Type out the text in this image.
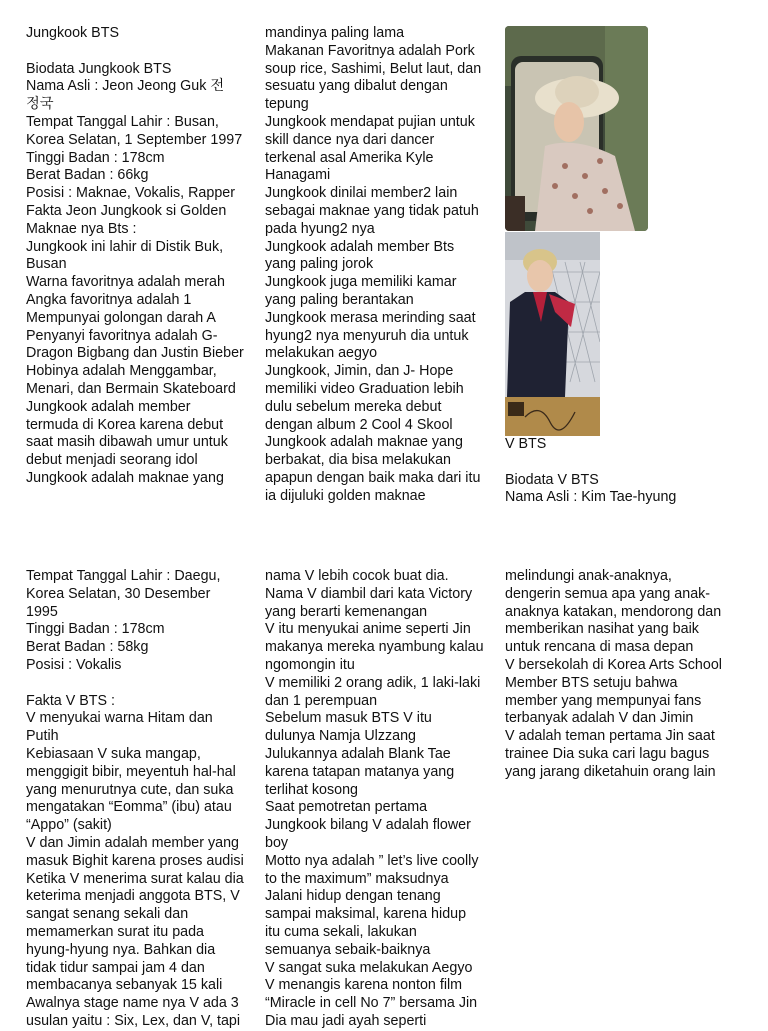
Jungkook BTS
Biodata Jungkook BTS
Nama Asli : Jeon Jeong Guk 전
정국
Tempat Tanggal Lahir : Busan,
Korea Selatan, 1 September 1997
Tinggi Badan : 178cm
Berat Badan : 66kg
Posisi : Maknae, Vokalis, Rapper
Fakta Jeon Jungkook si Golden
Maknae nya Bts :
Jungkook ini lahir di Distik Buk,
Busan
Warna favoritnya adalah merah
Angka favoritnya adalah 1
Mempunyai golongan darah A
Penyanyi favoritnya adalah G-
Dragon Bigbang dan Justin Bieber
Hobinya adalah Menggambar,
Menari, dan Bermain Skateboard
Jungkook adalah member
termuda di Korea karena debut
saat masih dibawah umur untuk
debut menjadi seorang idol
Jungkook adalah maknae yang
mandinya paling lama
Makanan Favoritnya adalah Pork
soup rice, Sashimi, Belut laut, dan
sesuatu yang dibalut dengan
tepung
Jungkook mendapat pujian untuk
skill dance nya dari dancer
terkenal asal Amerika Kyle
Hanagami
Jungkook dinilai member2 lain
sebagai maknae yang tidak patuh
pada hyung2 nya
Jungkook adalah member Bts
yang paling jorok
Jungkook juga memiliki kamar
yang paling berantakan
Jungkook merasa merinding saat
hyung2 nya menyuruh dia untuk
melakukan aegyo
Jungkook, Jimin, dan J- Hope
memiliki video Graduation lebih
dulu sebelum mereka debut
dengan album 2 Cool 4 Skool
Jungkook adalah maknae yang
berbakat, dia bisa melakukan
apapun dengan baik maka dari itu
ia dijuluki golden maknae
V BTS
Biodata V BTS
Nama Asli : Kim Tae-hyung
Tempat Tanggal Lahir : Daegu,
Korea Selatan, 30 Desember
1995
Tinggi Badan : 178cm
Berat Badan : 58kg
Posisi : Vokalis
Fakta V BTS :
V menyukai warna Hitam dan
Putih
Kebiasaan V suka mangap,
menggigit bibir, meyentuh hal-hal
yang menurutnya cute, dan suka
mengatakan “Eomma” (ibu) atau
“Appo” (sakit)
V dan Jimin adalah member yang
masuk Bighit karena proses audisi
Ketika V menerima surat kalau dia
keterima menjadi anggota BTS, V
sangat senang sekali dan
memamerkan surat itu pada
hyung-hyung nya. Bahkan dia
tidak tidur sampai jam 4 dan
membacanya sebanyak 15 kali
Awalnya stage name nya V ada 3
usulan yaitu : Six, Lex, dan V, tapi
nama V lebih cocok buat dia.
Nama V diambil dari kata Victory
yang berarti kemenangan
V itu menyukai anime seperti Jin
makanya mereka nyambung kalau
ngomongin itu
V memiliki 2 orang adik, 1 laki-laki
dan 1 perempuan
Sebelum masuk BTS V itu
dulunya Namja Ulzzang
Julukannya adalah Blank Tae
karena tatapan matanya yang
terlihat kosong
Saat pemotretan pertama
Jungkook bilang V adalah flower
boy
Motto nya adalah ” let’s live coolly
to the maximum” maksudnya
Jalani hidup dengan tenang
sampai maksimal, karena hidup
itu cuma sekali, lakukan
semuanya sebaik-baiknya
V sangat suka melakukan Aegyo
V menangis karena nonton film
“Miracle in cell No 7” bersama Jin
Dia mau jadi ayah seperti
melindungi anak-anaknya,
dengerin semua apa yang anak-
anaknya katakan, mendorong dan
memberikan nasihat yang baik
untuk rencana di masa depan
V bersekolah di Korea Arts School
Member BTS setuju bahwa
member yang mempunyai fans
terbanyak adalah V dan Jimin
V adalah teman pertama Jin saat
trainee Dia suka cari lagu bagus
yang jarang diketahuin orang lain
